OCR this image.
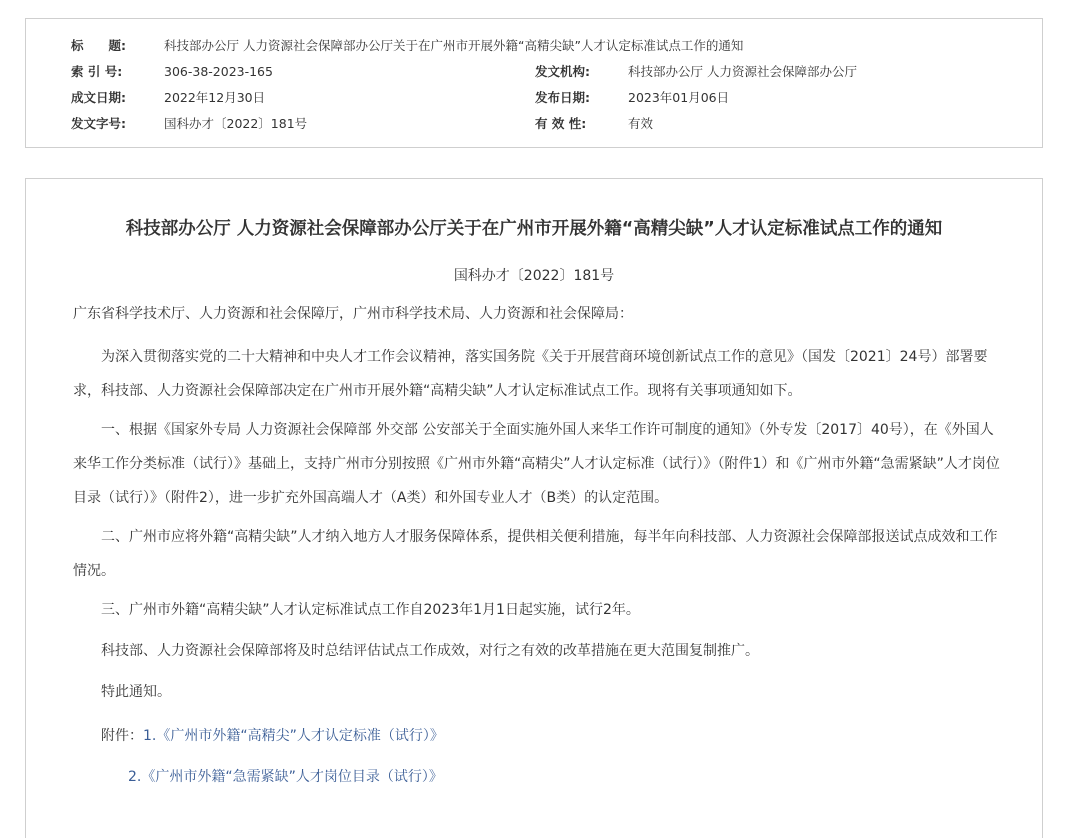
标　　题:	科技部办公厅 人力资源社会保障部办公厅关于在广州市开展外籍“高精尖缺”人才认定标准试点工作的通知
索 引 号:	306-38-2023-165	发文机构:	科技部办公厅 人力资源社会保障部办公厅
成文日期:	2022年12月30日	发布日期:	2023年01月06日
发文字号:	国科办才〔2022〕181号	有 效 性:	有效
科技部办公厅 人力资源社会保障部办公厅关于在广州市开展外籍“高精尖缺”人才认定标准试点工作的通知
国科办才〔2022〕181号

广东省科学技术厅、人力资源和社会保障厅，广州市科学技术局、人力资源和社会保障局：

为深入贯彻落实党的二十大精神和中央人才工作会议精神，落实国务院《关于开展营商环境创新试点工作的意见》（国发〔2021〕24号）部署要求，科技部、人力资源社会保障部决定在广州市开展外籍“高精尖缺”人才认定标准试点工作。现将有关事项通知如下。

一、根据《国家外专局 人力资源社会保障部 外交部 公安部关于全面实施外国人来华工作许可制度的通知》（外专发〔2017〕40号），在《外国人来华工作分类标准（试行）》基础上，支持广州市分别按照《广州市外籍“高精尖”人才认定标准（试行）》（附件1）和《广州市外籍“急需紧缺”人才岗位目录（试行）》（附件2），进一步扩充外国高端人才（A类）和外国专业人才（B类）的认定范围。

二、广州市应将外籍“高精尖缺”人才纳入地方人才服务保障体系，提供相关便利措施，每半年向科技部、人力资源社会保障部报送试点成效和工作情况。

三、广州市外籍“高精尖缺”人才认定标准试点工作自2023年1月1日起实施，试行2年。

科技部、人力资源社会保障部将及时总结评估试点工作成效，对行之有效的改革措施在更大范围复制推广。

特此通知。

附件：1.《广州市外籍“高精尖”人才认定标准（试行）》
2.《广州市外籍“急需紧缺”人才岗位目录（试行）》
